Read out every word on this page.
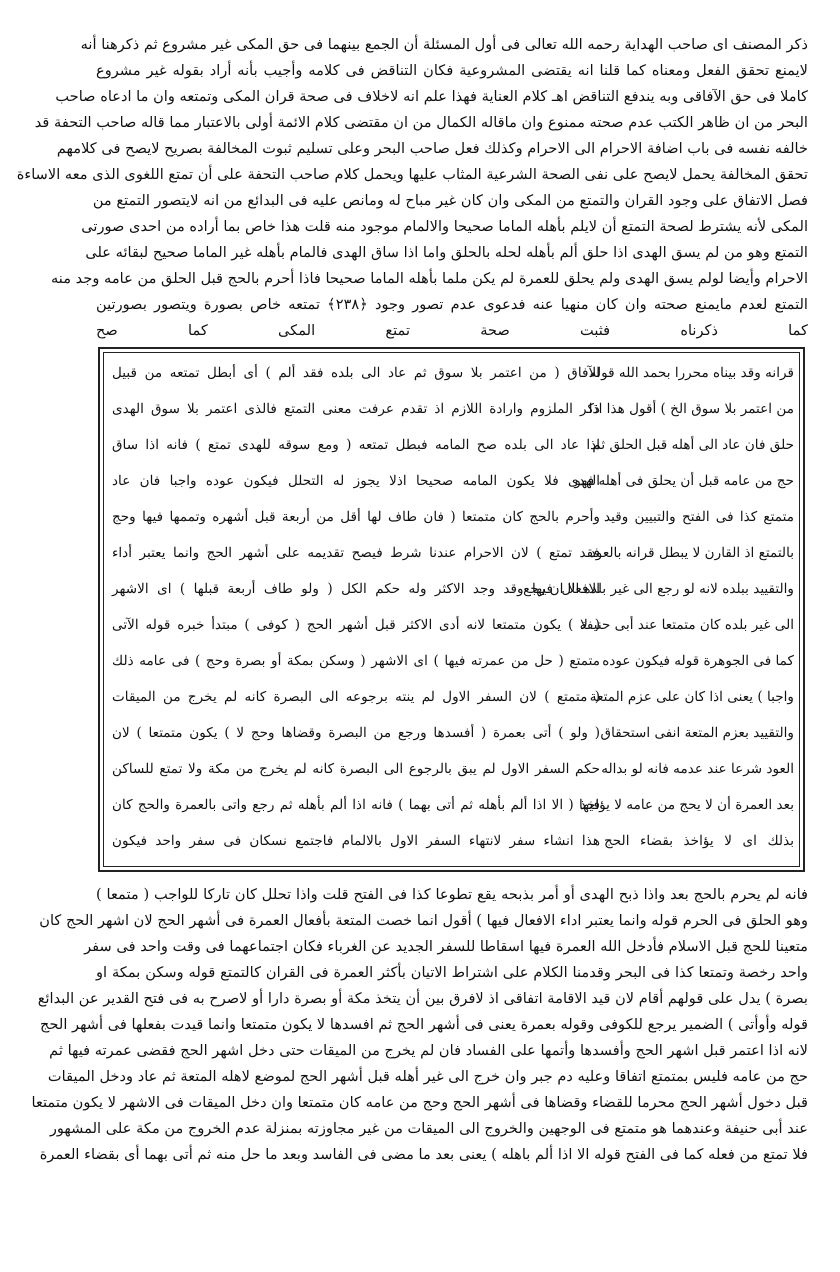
ذكر المصنف اى صاحب الهداية رحمه الله تعالى فى أول المسئلة أن الجمع بينهما فى حق المكى غير مشروع ثم ذكرهنا أنه
لايمنع تحقق الفعل ومعناه كما قلنا انه يقتضى المشروعية فكان التناقض فى كلامه وأجيب بأنه أراد بقوله غير مشروع
كاملا فى حق الآفاقى وبه يندفع التناقض اهـ كلام العناية فهذا علم انه لاخلاف فى صحة قران المكى وتمتعه وان ما ادعاه صاحب
البحر من ان ظاهر الكتب عدم صحته ممنوع وان ماقاله الكمال من ان مقتضى كلام الائمة أولى بالاعتبار مما قاله صاحب التحفة قد
خالفه نفسه فى باب اضافة الاحرام الى الاحرام وكذلك فعل صاحب البحر وعلى تسليم ثبوت المخالفة بصريح لايصح فى كلامهم
تحقق المخالفة يحمل لايصح على نفى الصحة الشرعية المثاب عليها ويحمل كلام صاحب التحفة على أن تمتع اللغوى الذى معه الاساءة
فصل الاتفاق على وجود القران والتمتع من المكى وان كان غير مباح له ومانص عليه فى البدائع من انه لايتصور التمتع من
المكى لأنه يشترط لصحة التمتع أن لايلم بأهله الماما صحيحا والالمام موجود منه قلت هذا خاص بما أراده من احدى صورتى
التمتع وهو من لم يسق الهدى اذا حلق ألم بأهله لحله بالحلق واما اذا ساق الهدى فالمام بأهله غير الماما صحيح لبقائه على
الاحرام وأيضا لولم يسق الهدى ولم يحلق للعمرة لم يكن ملما بأهله الماما صحيحا فاذا أحرم بالحج قبل الحلق من عامه وجد منه
التمتع لعدم مايمنع صحته وان كان منهيا عنه فدعوى عدم تصور وجود ﴿٢٣٨﴾ تمتعه خاص بصورة ويتصور بصورتين
كما ذكرناه فثبت صحة تمتع المكى كما صح
الآفاق ( من اعتمر بلا سوق ثم عاد الى بلده فقد ألم ) أى أبطل تمتعه من قبيل
ذكر الملزوم وارادة اللازم اذ تقدم عرفت معنى التمتع فالذى اعتمر بلا سوق الهدى
اذا عاد الى بلده صح المامه فبطل تمتعه ( ومع سوقه للهدى تمتع ) فانه اذا ساق
الهدى فلا يكون المامه صحيحا اذلا يجوز له التحلل فيكون عوده واجبا فان عاد
وأحرم بالحج كان متمتعا ( فان طاف لها أقل من أربعة قبل أشهره وتممها فيها وحج
فقد تمتع ) لان الاحرام عندنا شرط فيصح تقديمه على أشهر الحج وانما يعتبر أداء
الافعال فيها وقد وجد الاكثر وله حكم الكل ( ولو طاف أربعة قبلها ) اى الاشهر
( لا ) يكون متمتعا لانه أدى الاكثر قبل أشهر الحج ( كوفى ) مبتدأ خبره قوله الآتى
متمتع ( حل من عمرته فيها ) اى الاشهر ( وسكن بمكة أو بصرة وحج ) فى عامه ذلك
( متمتع ) لان السفر الاول لم ينته برجوعه الى البصرة كانه لم يخرج من الميقات
( ولو ) أتى بعمرة ( أفسدها ورجع من البصرة وقضاها وحج لا ) يكون متمتعا ) لان
حكم السفر الاول لم يبق بالرجوع الى البصرة كانه لم يخرج من مكة ولا تمتع للساكن
فيها ( الا اذا ألم بأهله ثم أتى بهما ) فانه اذا ألم بأهله ثم رجع واتى بالعمرة والحج كان
هذا انشاء سفر لانتهاء السفر الاول بالالمام فاجتمع نسكان فى سفر واحد فيكون
قرانه وقد بيناه محررا بحمد الله قوله
من اعتمر بلا سوق الخ ) أقول هذا اذا
حلق فان عاد الى أهله قبل الحلق ثم
حج من عامه قبل أن يحلق فى أهله فهو
متمتع كذا فى الفتح والتبيين وقيد
بالتمتع اذ القارن لا يبطل قرانه بالعود
والتقييد ببلده لانه لو رجع الى غير بلده الا ان رجع
الى غير بلده كان متمتعا عند أبى حنيفة
كما فى الجوهرة قوله فيكون عوده
واجبا ) يعنى اذا كان على عزم المتعة
والتقييد بعزم المتعة انفى استحقاق
العود شرعا عند عدمه فانه لو بداله
بعد العمرة أن لا يحج من عامه لا يؤاخذ
بذلك اى لا يؤاخذ بقضاء الحج
فانه لم يحرم بالحج بعد واذا ذبح الهدى أو أمر بذبحه يقع تطوعا كذا فى الفتح قلت واذا تحلل كان تاركا للواجب ( متمعا )
وهو الحلق فى الحرم قوله وانما يعتبر اداء الافعال فيها ) أقول انما خصت المتعة بأفعال العمرة فى أشهر الحج لان اشهر الحج كان
متعينا للحج قبل الاسلام فأدخل الله العمرة فيها اسقاطا للسفر الجديد عن الغرباء فكان اجتماعهما فى وقت واحد فى سفر
واحد رخصة وتمتعا كذا فى البحر وقدمنا الكلام على اشتراط الاتيان بأكثر العمرة فى القران كالتمتع قوله وسكن بمكة او
بصرة ) يدل على قولهم أقام لان قيد الاقامة اتفاقى اذ لافرق بين أن يتخذ مكة أو بصرة دارا أو لاصرح به فى فتح القدير عن البدائع
قوله وأوأتى ) الضمير يرجع للكوفى وقوله بعمرة يعنى فى أشهر الحج ثم افسدها لا يكون متمتعا وانما قيدت بفعلها فى أشهر الحج
لانه اذا اعتمر قبل اشهر الحج وأفسدها وأتمها على الفساد فان لم يخرج من الميقات حتى دخل اشهر الحج فقضى عمرته فيها ثم
حج من عامه فليس بمتمتع اتفاقا وعليه دم جبر وان خرج الى غير أهله قبل أشهر الحج لموضع لاهله المتعة ثم عاد ودخل الميقات
قبل دخول أشهر الحج محرما للقضاء وقضاها فى أشهر الحج وحج من عامه كان متمتعا وان دخل الميقات فى الاشهر لا يكون متمتعا
عند أبى حنيفة وعندهما هو متمتع فى الوجهين والخروج الى الميقات من غير مجاوزته بمنزلة عدم الخروج من مكة على المشهور
فلا تمتع من فعله كما فى الفتح قوله الا اذا ألم باهله ) يعنى بعد ما مضى فى الفاسد وبعد ما حل منه ثم أتى بهما أى بقضاء العمرة
